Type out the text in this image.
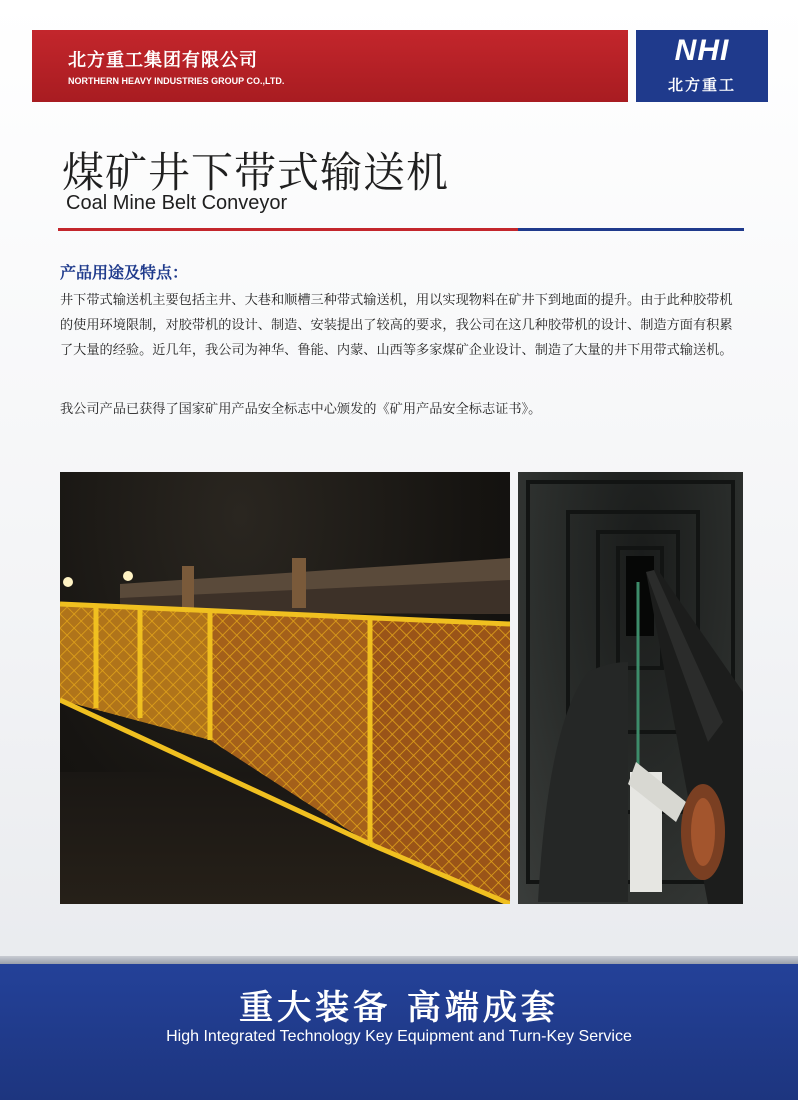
北方重工集团有限公司
NORTHERN HEAVY INDUSTRIES GROUP CO.,LTD.
NHI
北方重工
煤矿井下带式输送机
Coal Mine Belt Conveyor
产品用途及特点：
井下带式输送机主要包括主井、大巷和顺槽三种带式输送机，用以实现物料在矿井下到地面的提升。由于此种胶带机的使用环境限制，对胶带机的设计、制造、安装提出了较高的要求，我公司在这几种胶带机的设计、制造方面有积累了大量的经验。近几年，我公司为神华、鲁能、内蒙、山西等多家煤矿企业设计、制造了大量的井下用带式输送机。
我公司产品已获得了国家矿用产品安全标志中心颁发的《矿用产品安全标志证书》。
重大装备 高端成套
High Integrated Technology Key Equipment and Turn-Key Service
